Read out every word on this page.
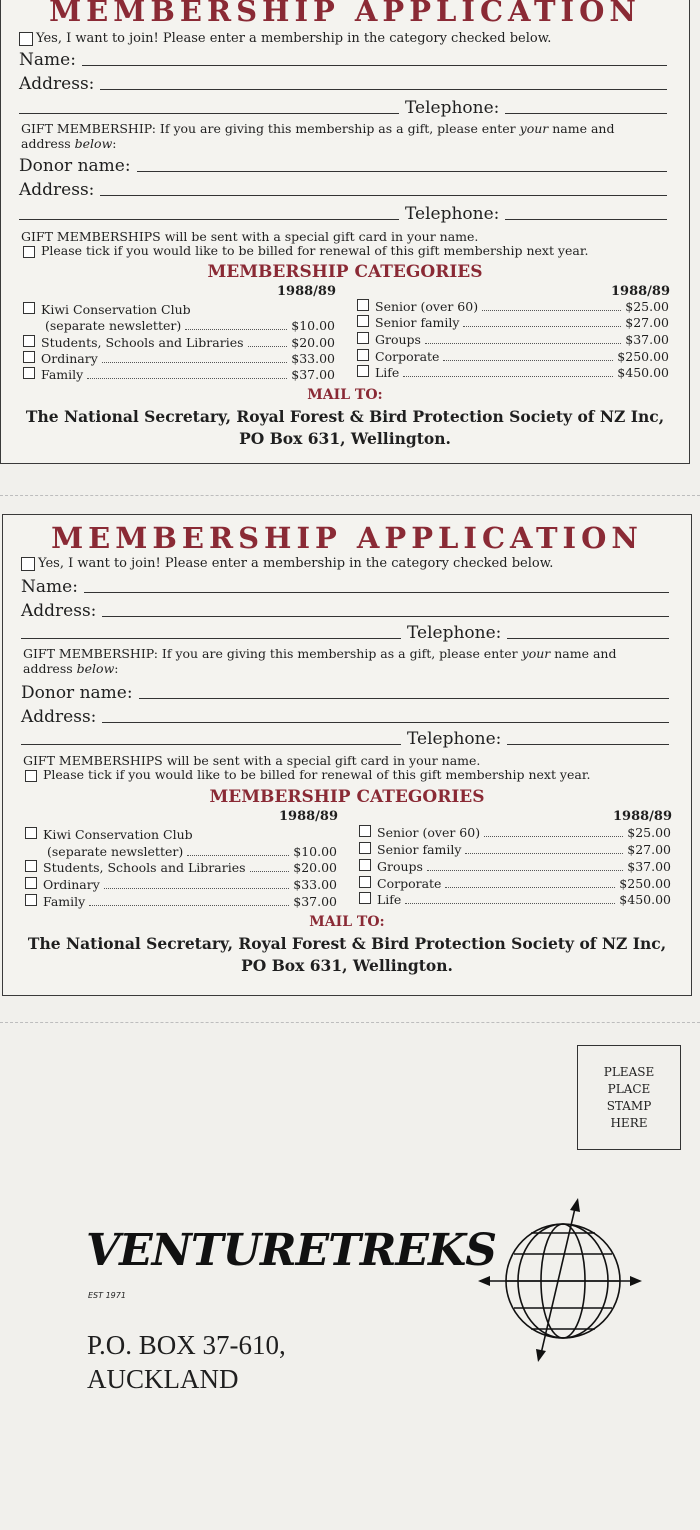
MEMBERSHIP APPLICATION
Yes, I want to join! Please enter a membership in the category checked below.
Name:
Address:
Telephone:
GIFT MEMBERSHIP: If you are giving this membership as a gift, please enter your name and
address below:
Donor name:
Address:
Telephone:
GIFT MEMBERSHIPS will be sent with a special gift card in your name.
Please tick if you would like to be billed for renewal of this gift membership next year.
MEMBERSHIP CATEGORIES
1988/89	1988/89
Kiwi Conservation Club
(separate newsletter)	$10.00
Students, Schools and Libraries	$20.00
Ordinary	$33.00
Family	$37.00
Senior (over 60)	$25.00
Senior family	$27.00
Groups	$37.00
Corporate	$250.00
Life	$450.00
MAIL TO:
The National Secretary, Royal Forest & Bird Protection Society of NZ Inc,
PO Box 631, Wellington.
MEMBERSHIP APPLICATION
Yes, I want to join! Please enter a membership in the category checked below.
Name:
Address:
Telephone:
GIFT MEMBERSHIP: If you are giving this membership as a gift, please enter your name and
address below:
Donor name:
Address:
Telephone:
GIFT MEMBERSHIPS will be sent with a special gift card in your name.
Please tick if you would like to be billed for renewal of this gift membership next year.
MEMBERSHIP CATEGORIES
1988/89	1988/89
Kiwi Conservation Club
(separate newsletter)	$10.00
Students, Schools and Libraries	$20.00
Ordinary	$33.00
Family	$37.00
Senior (over 60)	$25.00
Senior family	$27.00
Groups	$37.00
Corporate	$250.00
Life	$450.00
MAIL TO:
The National Secretary, Royal Forest & Bird Protection Society of NZ Inc,
PO Box 631, Wellington.
PLEASE
PLACE
STAMP
HERE
VENTURETREKS
EST 1971
P.O. BOX 37-610,
AUCKLAND
